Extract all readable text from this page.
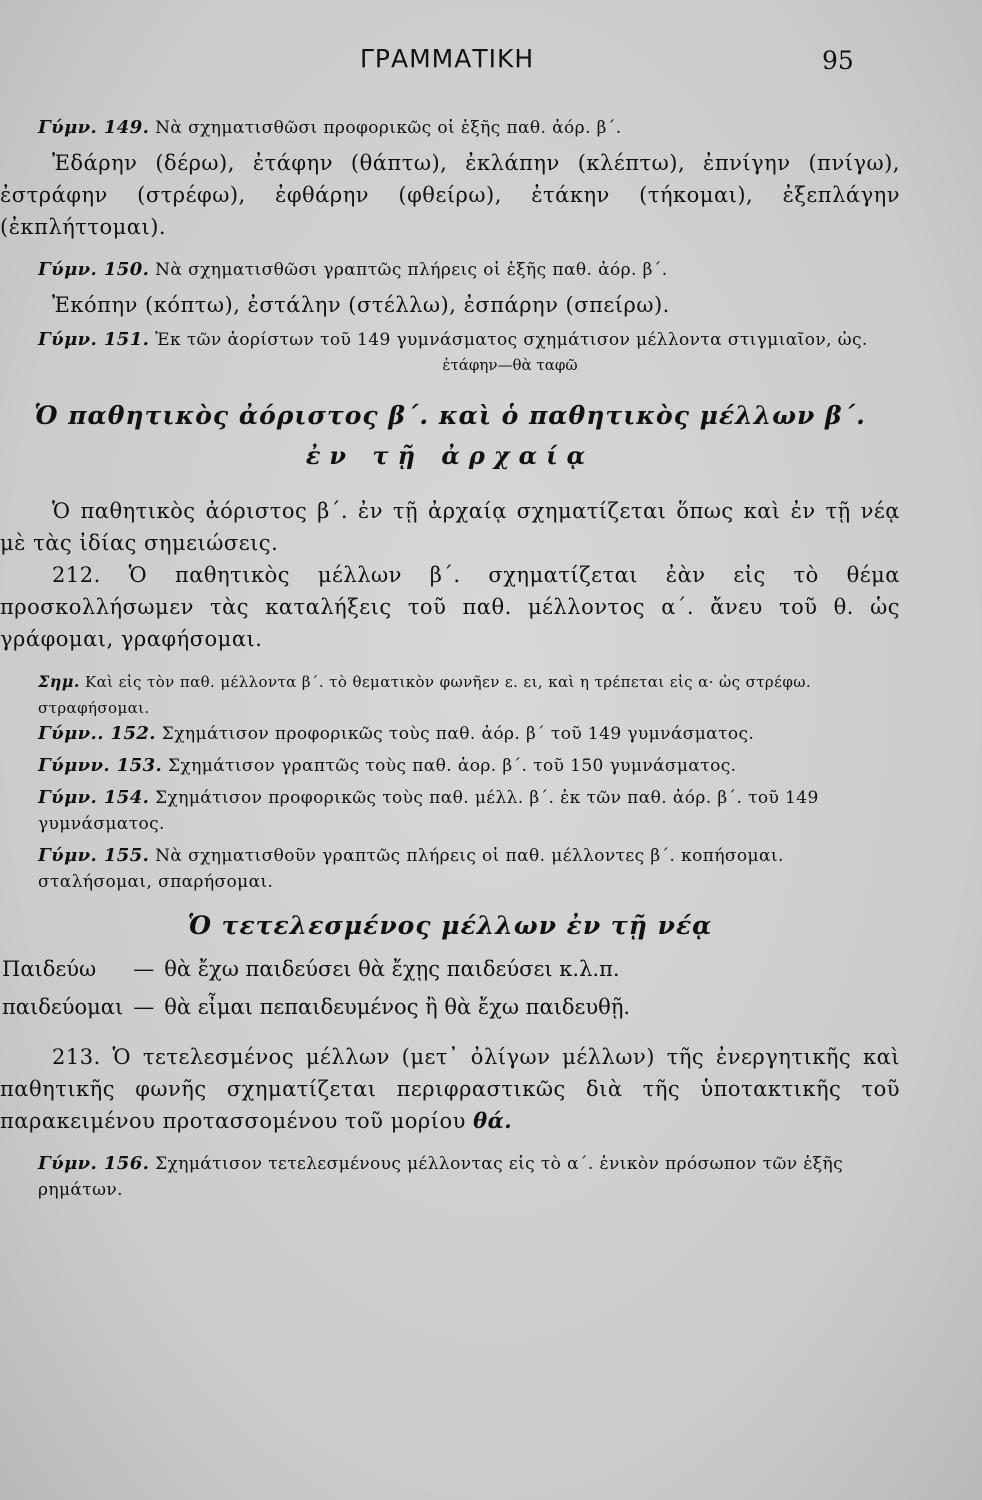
ΓΡΑΜΜΑΤΙΚΗ	95

Γύμν. 149. Νὰ σχηματισθῶσι προφορικῶς οἱ ἑξῆς παθ. ἀόρ. β΄.

Ἐδάρην (δέρω), ἐτάφην (θάπτω), ἐκλάπην (κλέπτω), ἐπνίγην (πνίγω), ἐστράφην (στρέφω), ἐφθάρην (φθείρω), ἐτάκην (τήκομαι), ἐξεπλάγην (ἐκπλήττομαι).

Γύμν. 150. Νὰ σχηματισθῶσι γραπτῶς πλήρεις οἱ ἑξῆς παθ. ἀόρ. β΄.

Ἐκόπην (κόπτω), ἐστάλην (στέλλω), ἐσπάρην (σπείρω).

Γύμν. 151. Ἐκ τῶν ἀορίστων τοῦ 149 γυμνάσματος σχημάτισον μέλλοντα στιγμιαῖον, ὡς.

ἐτάφην—θὰ ταφῶ

Ὁ παθητικὸς ἀόριστος β΄. καὶ ὁ παθητικὸς μέλλων β΄.

ἐν τῇ ἀρχαίᾳ

Ὁ παθητικὸς ἀόριστος β΄. ἐν τῇ ἀρχαίᾳ σχηματίζεται ὅπως καὶ ἐν τῇ νέᾳ μὲ τὰς ἰδίας σημειώσεις.

212. Ὁ παθητικὸς μέλλων β΄. σχηματίζεται ἐὰν εἰς τὸ θέμα προσκολλήσωμεν τὰς καταλήξεις τοῦ παθ. μέλλοντος α΄. ἄνευ τοῦ θ. ὡς γράφομαι, γραφήσομαι.

Σημ. Καὶ εἰς τὸν παθ. μέλλοντα β΄. τὸ θεματικὸν φωνῆεν ε. ει, καὶ η τρέπεται εἰς α· ὡς στρέφω. στραφήσομαι.

Γύμν.. 152. Σχημάτισον προφορικῶς τοὺς παθ. ἀόρ. β΄ τοῦ 149 γυμνάσματος.

Γύμνν. 153. Σχημάτισον γραπτῶς τοὺς παθ. ἀορ. β΄. τοῦ 150 γυμνάσματος.

Γύμν. 154. Σχημάτισον προφορικῶς τοὺς παθ. μέλλ. β΄. ἐκ τῶν παθ. ἀόρ. β΄. τοῦ 149 γυμνάσματος.

Γύμν. 155. Νὰ σχηματισθοῦν γραπτῶς πλήρεις οἱ παθ. μέλλοντες β΄. κοπήσομαι. σταλήσομαι, σπαρήσομαι.

Ὁ τετελεσμένος μέλλων ἐν τῇ νέᾳ

Παιδεύω	—	θὰ ἔχω παιδεύσει θὰ ἔχῃς παιδεύσει κ.λ.π.
παιδεύομαι	—	θὰ εἶμαι πεπαιδευμένος ἢ θὰ ἔχω παιδευθῇ.

213. Ὁ τετελεσμένος μέλλων (μετ᾽ ὀλίγων μέλλων) τῆς ἐνεργητικῆς καὶ παθητικῆς φωνῆς σχηματίζεται περιφραστικῶς διὰ τῆς ὑποτακτικῆς τοῦ παρακειμένου προτασσομένου τοῦ μορίου θά.

Γύμν. 156. Σχημάτισον τετελεσμένους μέλλοντας εἰς τὸ α΄. ἑνικὸν πρόσωπον τῶν ἑξῆς ρημάτων.
